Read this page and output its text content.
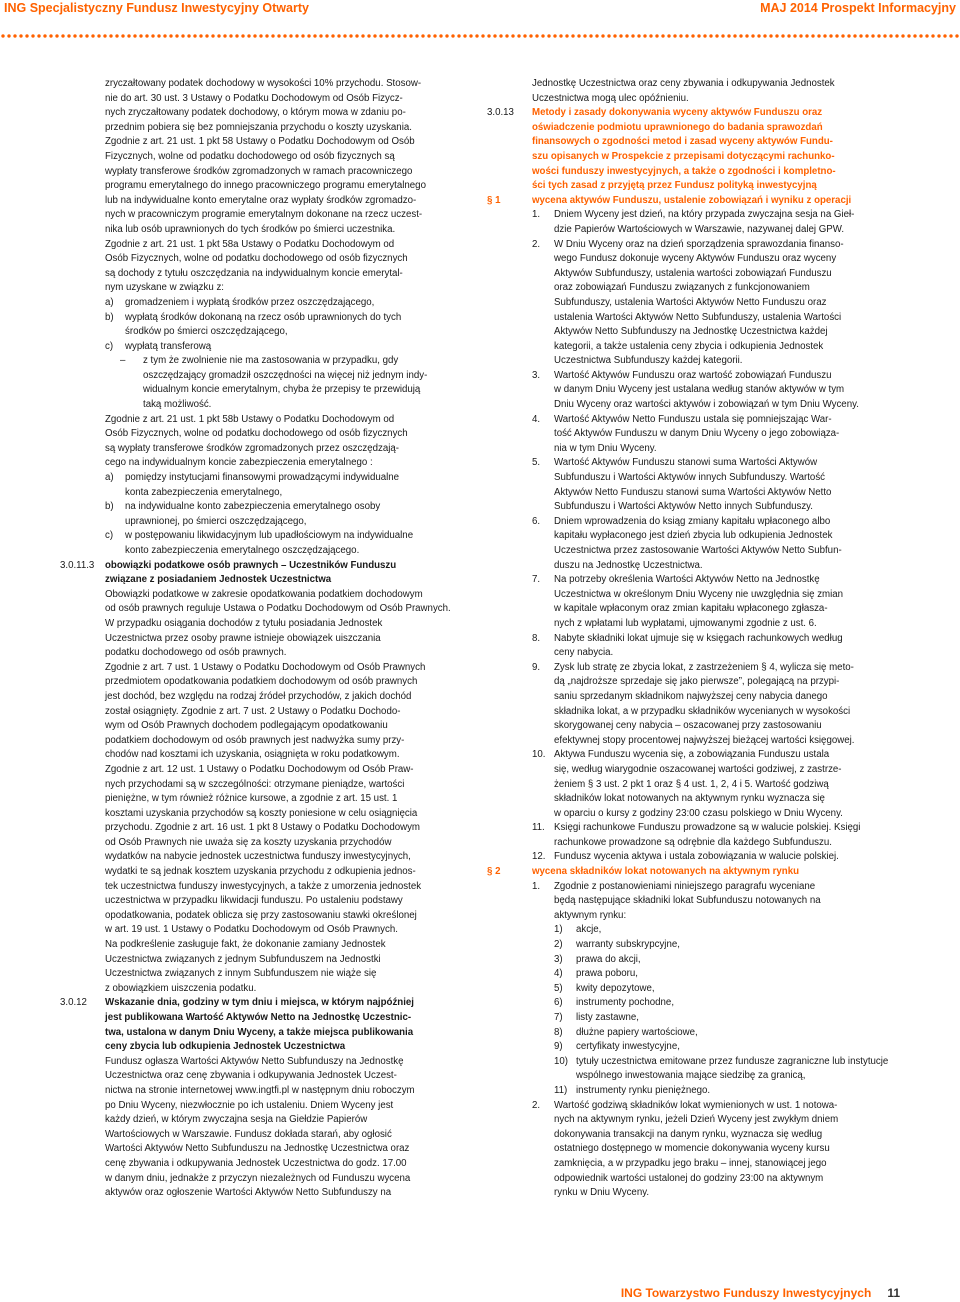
ING Specjalistyczny Fundusz Inwestycyjny Otwarty	MAJ 2014 Prospekt Informacyjny
zryczałtowany podatek dochodowy w wysokości 10% przychodu. Stosow-
nie do art. 30 ust. 3 Ustawy o Podatku Dochodowym od Osób Fizycz-
nych zryczałtowany podatek dochodowy, o którym mowa w zdaniu po-
przednim pobiera się bez pomniejszania przychodu o koszty uzyskania.
Zgodnie z art. 21 ust. 1 pkt 58 Ustawy o Podatku Dochodowym od Osób
Fizycznych, wolne od podatku dochodowego od osób fizycznych są
wypłaty transferowe środków zgromadzonych w ramach pracowniczego
programu emerytalnego do innego pracowniczego programu emerytalnego
lub na indywidualne konto emerytalne oraz wypłaty środków zgromadzo-
nych w pracowniczym programie emerytalnym dokonane na rzecz uczest-
nika lub osób uprawnionych do tych środków po śmierci uczestnika.
Zgodnie z art. 21 ust. 1 pkt 58a Ustawy o Podatku Dochodowym od
Osób Fizycznych, wolne od podatku dochodowego od osób fizycznych
są dochody z tytułu oszczędzania na indywidualnym koncie emerytal-
nym uzyskane w związku z:
a) gromadzeniem i wypłatą środków przez oszczędzającego,
b) wypłatą środków dokonaną na rzecz osób uprawnionych do tych
środków po śmierci oszczędzającego,
c) wypłatą transferową
– z tym że zwolnienie nie ma zastosowania w przypadku, gdy
oszczędzający gromadził oszczędności na więcej niż jednym indy-
widualnym koncie emerytalnym, chyba że przepisy te przewidują
taką możliwość.
Zgodnie z art. 21 ust. 1 pkt 58b Ustawy o Podatku Dochodowym od
Osób Fizycznych, wolne od podatku dochodowego od osób fizycznych
są wypłaty transferowe środków zgromadzonych przez oszczędzają-
cego na indywidualnym koncie zabezpieczenia emerytalnego :
a) pomiędzy instytucjami finansowymi prowadzącymi indywidualne
konta zabezpieczenia emerytalnego,
b) na indywidualne konto zabezpieczenia emerytalnego osoby
uprawnionej, po śmierci oszczędzającego,
c) w postępowaniu likwidacyjnym lub upadłościowym na indywidualne
konto zabezpieczenia emerytalnego oszczędzającego.
3.0.11.3 obowiązki podatkowe osób prawnych – Uczestników Funduszu
związane z posiadaniem Jednostek Uczestnictwa
Obowiązki podatkowe w zakresie opodatkowania podatkiem dochodowym
od osób prawnych reguluje Ustawa o Podatku Dochodowym od Osób Prawnych.
W przypadku osiągania dochodów z tytułu posiadania Jednostek
Uczestnictwa przez osoby prawne istnieje obowiązek uiszczania
podatku dochodowego od osób prawnych.
Zgodnie z art. 7 ust. 1 Ustawy o Podatku Dochodowym od Osób Prawnych
przedmiotem opodatkowania podatkiem dochodowym od osób prawnych
jest dochód, bez względu na rodzaj źródeł przychodów, z jakich dochód
został osiągnięty. Zgodnie z art. 7 ust. 2 Ustawy o Podatku Dochodo-
wym od Osób Prawnych dochodem podlegającym opodatkowaniu
podatkiem dochodowym od osób prawnych jest nadwyżka sumy przy-
chodów nad kosztami ich uzyskania, osiągnięta w roku podatkowym.
Zgodnie z art. 12 ust. 1 Ustawy o Podatku Dochodowym od Osób Praw-
nych przychodami są w szczególności: otrzymane pieniądze, wartości
pieniężne, w tym również różnice kursowe, a zgodnie z art. 15 ust. 1
kosztami uzyskania przychodów są koszty poniesione w celu osiągnięcia
przychodu. Zgodnie z art. 16 ust. 1 pkt 8 Ustawy o Podatku Dochodowym
od Osób Prawnych nie uważa się za koszty uzyskania przychodów
wydatków na nabycie jednostek uczestnictwa funduszy inwestycyjnych,
wydatki te są jednak kosztem uzyskania przychodu z odkupienia jednos-
tek uczestnictwa funduszy inwestycyjnych, a także z umorzenia jednostek
uczestnictwa w przypadku likwidacji funduszu. Po ustaleniu podstawy
opodatkowania, podatek oblicza się przy zastosowaniu stawki określonej
w art. 19 ust. 1 Ustawy o Podatku Dochodowym od Osób Prawnych.
Na podkreślenie zasługuje fakt, że dokonanie zamiany Jednostek
Uczestnictwa związanych z jednym Subfunduszem na Jednostki
Uczestnictwa związanych z innym Subfunduszem nie wiąże się
z obowiązkiem uiszczenia podatku.
3.0.12 Wskazanie dnia, godziny w tym dniu i miejsca, w którym najpóźniej
jest publikowana Wartość Aktywów Netto na Jednostkę Uczestnic-
twa, ustalona w danym Dniu Wyceny, a także miejsca publikowania
ceny zbycia lub odkupienia Jednostek Uczestnictwa
Fundusz ogłasza Wartości Aktywów Netto Subfunduszy na Jednostkę
Uczestnictwa oraz cenę zbywania i odkupywania Jednostek Uczest-
nictwa na stronie internetowej www.ingtfi.pl w następnym dniu roboczym
po Dniu Wyceny, niezwłocznie po ich ustaleniu. Dniem Wyceny jest
każdy dzień, w którym zwyczajna sesja na Giełdzie Papierów
Wartościowych w Warszawie. Fundusz dokłada starań, aby ogłosić
Wartości Aktywów Netto Subfunduszu na Jednostkę Uczestnictwa oraz
cenę zbywania i odkupywania Jednostek Uczestnictwa do godz. 17.00
w danym dniu, jednakże z przyczyn niezależnych od Funduszu wycena
aktywów oraz ogłoszenie Wartości Aktywów Netto Subfunduszy na
Jednostkę Uczestnictwa oraz ceny zbywania i odkupywania Jednostek
Uczestnictwa mogą ulec opóźnieniu.
3.0.13 Metody i zasady dokonywania wyceny aktywów Funduszu oraz
oświadczenie podmiotu uprawnionego do badania sprawozdań
finansowych o zgodności metod i zasad wyceny aktywów Fundu-
szu opisanych w Prospekcie z przepisami dotyczącymi rachunko-
wości funduszy inwestycyjnych, a także o zgodności i kompletno-
ści tych zasad z przyjętą przez Fundusz polityką inwestycyjną
§ 1	wycena aktywów Funduszu, ustalenie zobowiązań i wyniku z operacji
1. Dniem Wyceny jest dzień, na który przypada zwyczajna sesja na Gieł-
dzie Papierów Wartościowych w Warszawie, nazywanej dalej GPW.
2. W Dniu Wyceny oraz na dzień sporządzenia sprawozdania finanso-
wego Fundusz dokonuje wyceny Aktywów Funduszu oraz wyceny
Aktywów Subfunduszy, ustalenia wartości zobowiązań Funduszu
oraz zobowiązań Funduszu związanych z funkcjonowaniem
Subfunduszy, ustalenia Wartości Aktywów Netto Funduszu oraz
ustalenia Wartości Aktywów Netto Subfunduszy, ustalenia Wartości
Aktywów Netto Subfunduszy na Jednostkę Uczestnictwa każdej
kategorii, a także ustalenia ceny zbycia i odkupienia Jednostek
Uczestnictwa Subfunduszy każdej kategorii.
3. Wartość Aktywów Funduszu oraz wartość zobowiązań Funduszu
w danym Dniu Wyceny jest ustalana według stanów aktywów w tym
Dniu Wyceny oraz wartości aktywów i zobowiązań w tym Dniu Wyceny.
4. Wartość Aktywów Netto Funduszu ustala się pomniejszając War-
tość Aktywów Funduszu w danym Dniu Wyceny o jego zobowiąza-
nia w tym Dniu Wyceny.
5. Wartość Aktywów Funduszu stanowi suma Wartości Aktywów
Subfunduszu i Wartości Aktywów innych Subfunduszy. Wartość
Aktywów Netto Funduszu stanowi suma Wartości Aktywów Netto
Subfunduszu i Wartości Aktywów Netto innych Subfunduszy.
6. Dniem wprowadzenia do ksiąg zmiany kapitału wpłaconego albo
kapitału wypłaconego jest dzień zbycia lub odkupienia Jednostek
Uczestnictwa przez zastosowanie Wartości Aktywów Netto Subfun-
duszu na Jednostkę Uczestnictwa.
7. Na potrzeby określenia Wartości Aktywów Netto na Jednostkę
Uczestnictwa w określonym Dniu Wyceny nie uwzględnia się zmian
w kapitale wpłaconym oraz zmian kapitału wpłaconego zgłasza-
nych z wpłatami lub wypłatami, ujmowanymi zgodnie z ust. 6.
8. Nabyte składniki lokat ujmuje się w księgach rachunkowych według
ceny nabycia.
9. Zysk lub stratę ze zbycia lokat, z zastrzeżeniem § 4, wylicza się meto-
dą „najdroższe sprzedaje się jako pierwsze”, polegającą na przypi-
saniu sprzedanym składnikom najwyższej ceny nabycia danego
składnika lokat, a w przypadku składników wycenianych w wysokości
skorygowanej ceny nabycia – oszacowanej przy zastosowaniu
efektywnej stopy procentowej najwyższej bieżącej wartości księgowej.
10. Aktywa Funduszu wycenia się, a zobowiązania Funduszu ustala
się, według wiarygodnie oszacowanej wartości godziwej, z zastrze-
żeniem § 3 ust. 2 pkt 1 oraz § 4 ust. 1, 2, 4 i 5. Wartość godziwą
składników lokat notowanych na aktywnym rynku wyznacza się
w oparciu o kursy z godziny 23:00 czasu polskiego w Dniu Wyceny.
11. Księgi rachunkowe Funduszu prowadzone są w walucie polskiej. Księgi
rachunkowe prowadzone są odrębnie dla każdego Subfunduszu.
12. Fundusz wycenia aktywa i ustala zobowiązania w walucie polskiej.
§ 2	wycena składników lokat notowanych na aktywnym rynku
1. Zgodnie z postanowieniami niniejszego paragrafu wyceniane
będą następujące składniki lokat Subfunduszu notowanych na
aktywnym rynku:
1) akcje,
2) warranty subskrypcyjne,
3) prawa do akcji,
4) prawa poboru,
5) kwity depozytowe,
6) instrumenty pochodne,
7) listy zastawne,
8) dłużne papiery wartościowe,
9) certyfikaty inwestycyjne,
10) tytuły uczestnictwa emitowane przez fundusze zagraniczne lub instytucje wspólnego inwestowania mające siedzibę za granicą,
11) instrumenty rynku pieniężnego.
2. Wartość godziwą składników lokat wymienionych w ust. 1 notowa-
nych na aktywnym rynku, jeżeli Dzień Wyceny jest zwykłym dniem
dokonywania transakcji na danym rynku, wyznacza się według
ostatniego dostępnego w momencie dokonywania wyceny kursu
zamknięcia, a w przypadku jego braku – innej, stanowiącej jego
odpowiednik wartości ustalonej do godziny 23:00 na aktywnym
rynku w Dniu Wyceny.
ING Towarzystwo Funduszy Inwestycyjnych 11
